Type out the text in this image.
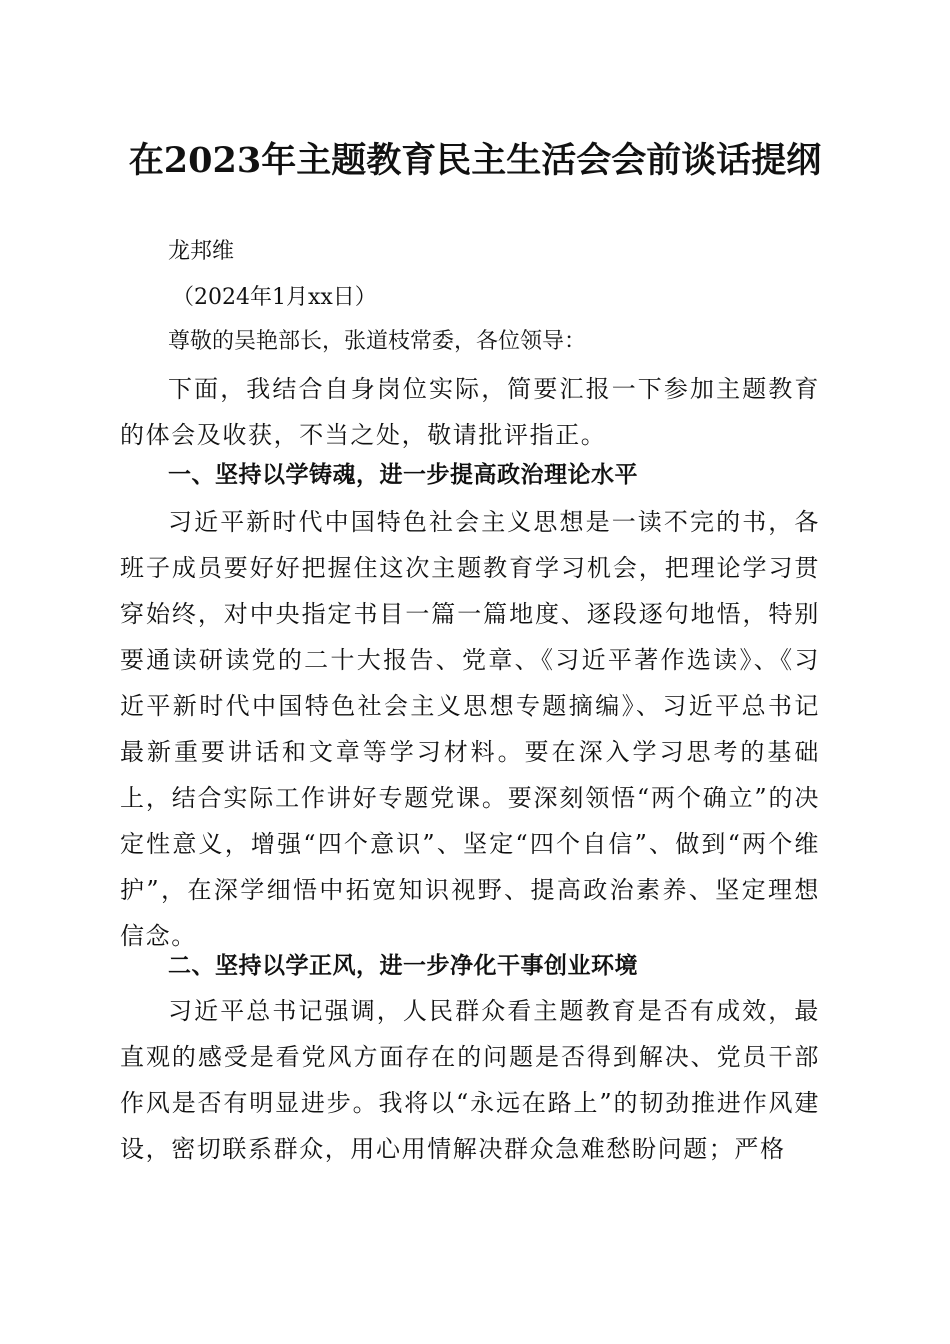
在2023年主题教育民主生活会会前谈话提纲

龙邦维

（2024年1月xx日）

尊敬的吴艳部长，张道枝常委，各位领导：

下面，我结合自身岗位实际，简要汇报一下参加主题教育的体会及收获，不当之处，敬请批评指正。

一、坚持以学铸魂，进一步提高政治理论水平

习近平新时代中国特色社会主义思想是一读不完的书，各班子成员要好好把握住这次主题教育学习机会，把理论学习贯穿始终，对中央指定书目一篇一篇地度、逐段逐句地悟，特别要通读研读党的二十大报告、党章、《习近平著作选读》、《习近平新时代中国特色社会主义思想专题摘编》、习近平总书记最新重要讲话和文章等学习材料。要在深入学习思考的基础上，结合实际工作讲好专题党课。要深刻领悟“两个确立”的决定性意义，增强“四个意识”、坚定“四个自信”、做到“两个维护”，在深学细悟中拓宽知识视野、提高政治素养、坚定理想信念。

二、坚持以学正风，进一步净化干事创业环境

习近平总书记强调，人民群众看主题教育是否有成效，最直观的感受是看党风方面存在的问题是否得到解决、党员干部作风是否有明显进步。我将以“永远在路上”的韧劲推进作风建设，密切联系群众，用心用情解决群众急难愁盼问题；严格
